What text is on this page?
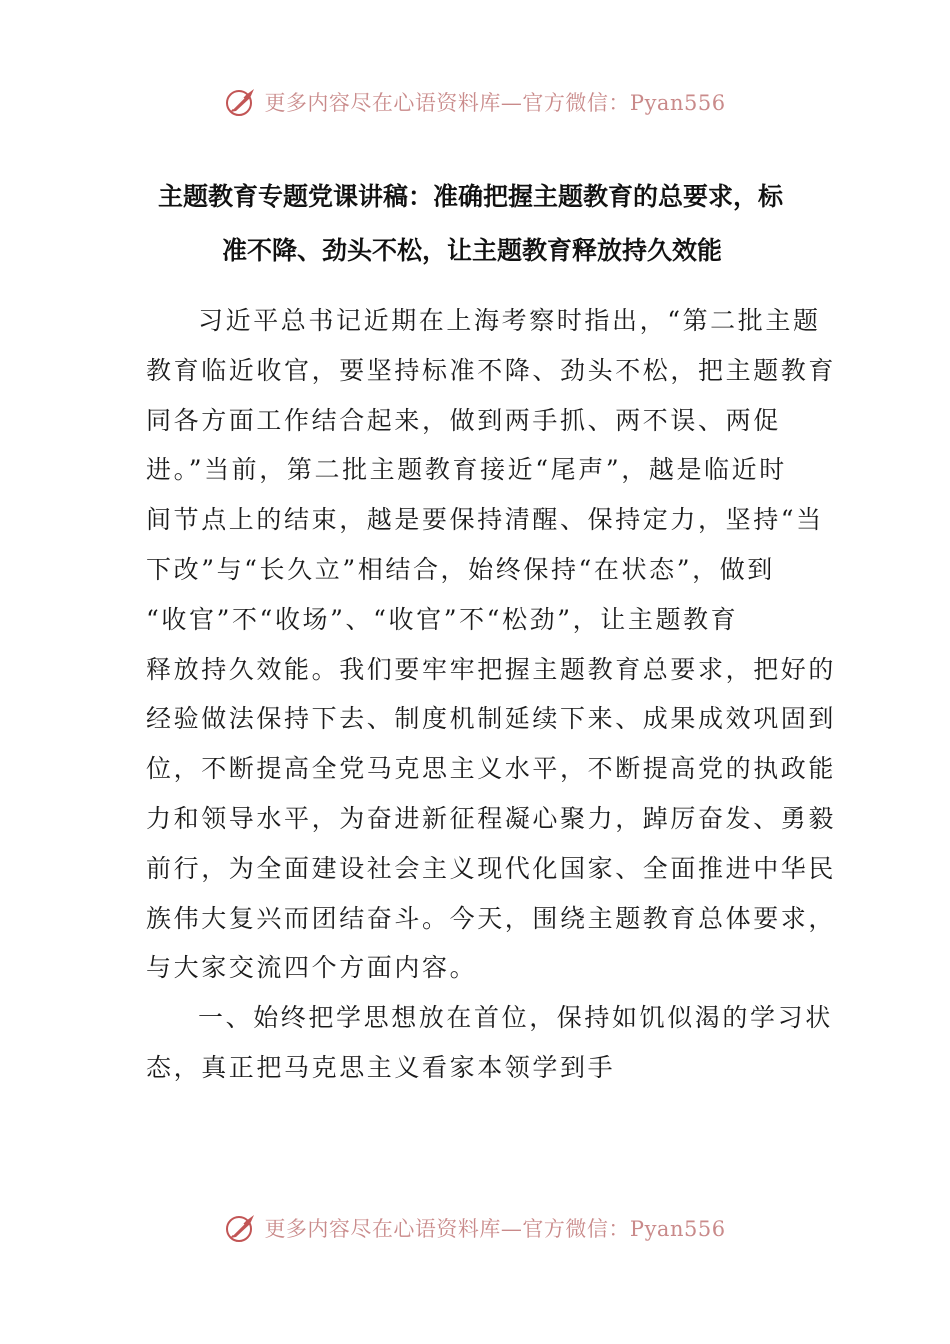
更多内容尽在心语资料库—官方微信：Pyan556
主题教育专题党课讲稿：准确把握主题教育的总要求，标
准不降、劲头不松，让主题教育释放持久效能
习近平总书记近期在上海考察时指出，“第二批主题
教育临近收官，要坚持标准不降、劲头不松，把主题教育
同各方面工作结合起来，做到两手抓、两不误、两促
进。”当前，第二批主题教育接近“尾声”，越是临近时
间节点上的结束，越是要保持清醒、保持定力，坚持“当
下改”与“长久立”相结合，始终保持“在状态”，做到
“收官”不“收场”、“收官”不“松劲”，让主题教育
释放持久效能。我们要牢牢把握主题教育总要求，把好的
经验做法保持下去、制度机制延续下来、成果成效巩固到
位，不断提高全党马克思主义水平，不断提高党的执政能
力和领导水平，为奋进新征程凝心聚力，踔厉奋发、勇毅
前行，为全面建设社会主义现代化国家、全面推进中华民
族伟大复兴而团结奋斗。今天，围绕主题教育总体要求，
与大家交流四个方面内容。
一、始终把学思想放在首位，保持如饥似渴的学习状
态，真正把马克思主义看家本领学到手
更多内容尽在心语资料库—官方微信：Pyan556
